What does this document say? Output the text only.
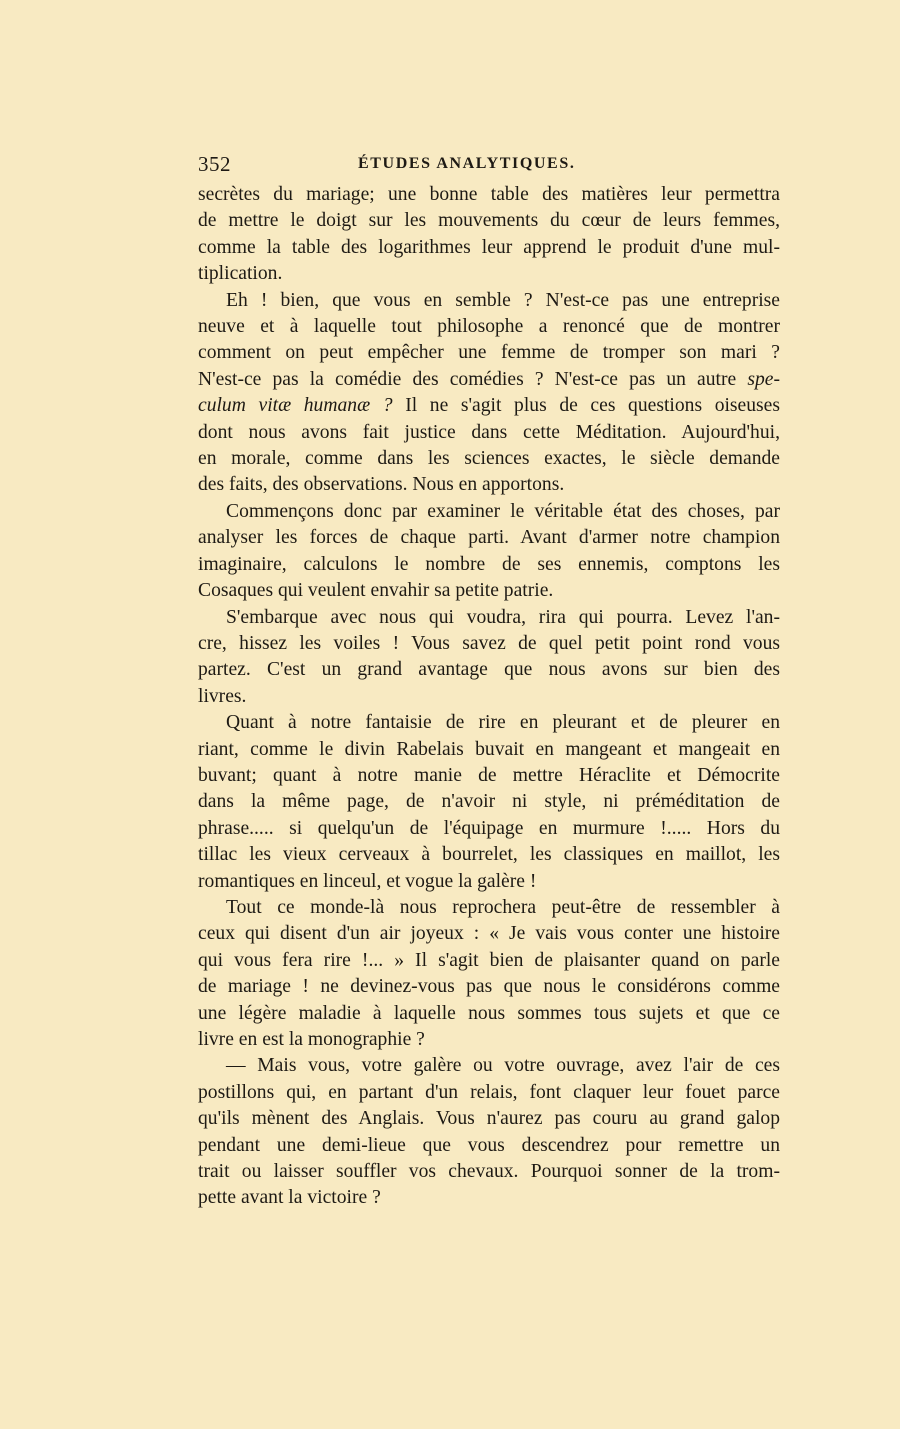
352	ÉTUDES ANALYTIQUES.
secrètes du mariage; une bonne table des matières leur permettra
de mettre le doigt sur les mouvements du cœur de leurs femmes,
comme la table des logarithmes leur apprend le produit d'une mul-
tiplication.
Eh ! bien, que vous en semble ? N'est-ce pas une entreprise
neuve et à laquelle tout philosophe a renoncé que de montrer
comment on peut empêcher une femme de tromper son mari ?
N'est-ce pas la comédie des comédies ? N'est-ce pas un autre spe-
culum vitæ humanæ ? Il ne s'agit plus de ces questions oiseuses
dont nous avons fait justice dans cette Méditation. Aujourd'hui,
en morale, comme dans les sciences exactes, le siècle demande
des faits, des observations. Nous en apportons.
Commençons donc par examiner le véritable état des choses, par
analyser les forces de chaque parti. Avant d'armer notre champion
imaginaire, calculons le nombre de ses ennemis, comptons les
Cosaques qui veulent envahir sa petite patrie.
S'embarque avec nous qui voudra, rira qui pourra. Levez l'an-
cre, hissez les voiles ! Vous savez de quel petit point rond vous
partez. C'est un grand avantage que nous avons sur bien des
livres.
Quant à notre fantaisie de rire en pleurant et de pleurer en
riant, comme le divin Rabelais buvait en mangeant et mangeait en
buvant; quant à notre manie de mettre Héraclite et Démocrite
dans la même page, de n'avoir ni style, ni préméditation de
phrase..... si quelqu'un de l'équipage en murmure !..... Hors du
tillac les vieux cerveaux à bourrelet, les classiques en maillot, les
romantiques en linceul, et vogue la galère !
Tout ce monde-là nous reprochera peut-être de ressembler à
ceux qui disent d'un air joyeux : « Je vais vous conter une histoire
qui vous fera rire !... » Il s'agit bien de plaisanter quand on parle
de mariage ! ne devinez-vous pas que nous le considérons comme
une légère maladie à laquelle nous sommes tous sujets et que ce
livre en est la monographie ?
— Mais vous, votre galère ou votre ouvrage, avez l'air de ces
postillons qui, en partant d'un relais, font claquer leur fouet parce
qu'ils mènent des Anglais. Vous n'aurez pas couru au grand galop
pendant une demi-lieue que vous descendrez pour remettre un
trait ou laisser souffler vos chevaux. Pourquoi sonner de la trom-
pette avant la victoire ?
